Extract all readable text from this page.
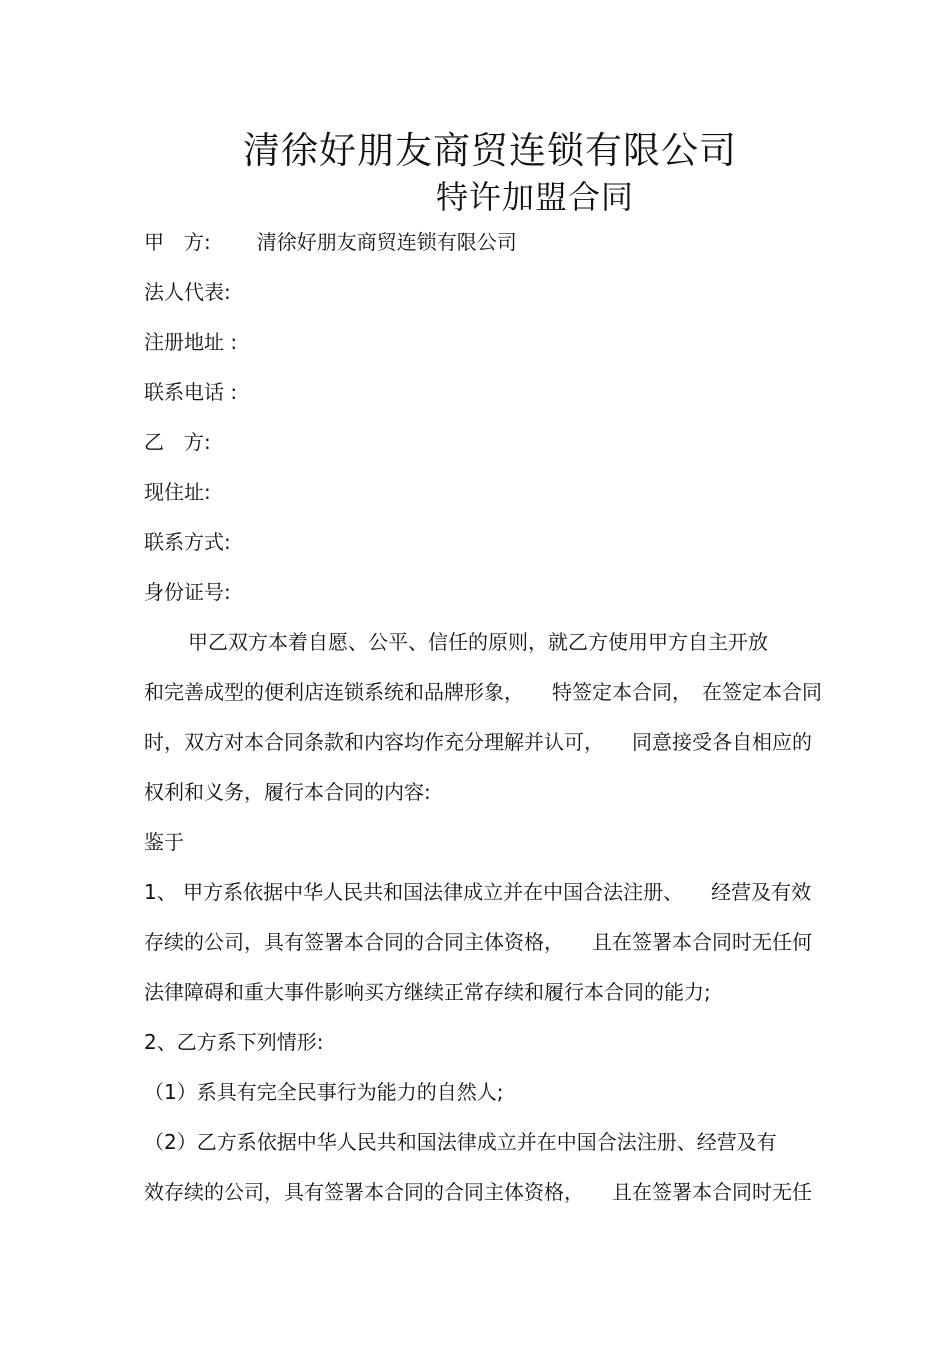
清徐好朋友商贸连锁有限公司
特许加盟合同
甲　方: 清徐好朋友商贸连锁有限公司
法人代表:
注册地址 :
联系电话 :
乙　方:
现住址:
联系方式:
身份证号:
甲乙双方本着自愿、公平、信任的原则，就乙方使用甲方自主开放
和完善成型的便利店连锁系统和品牌形象， 特签定本合同， 在签定本合同
时，双方对本合同条款和内容均作充分理解并认可， 同意接受各自相应的
权利和义务，履行本合同的内容:
鉴于
1、 甲方系依据中华人民共和国法律成立并在中国合法注册、 经营及有效
存续的公司，具有签署本合同的合同主体资格， 且在签署本合同时无任何
法律障碍和重大事件影响买方继续正常存续和履行本合同的能力;
2、乙方系下列情形:
（1）系具有完全民事行为能力的自然人;
（2）乙方系依据中华人民共和国法律成立并在中国合法注册、经营及有
效存续的公司，具有签署本合同的合同主体资格， 且在签署本合同时无任
